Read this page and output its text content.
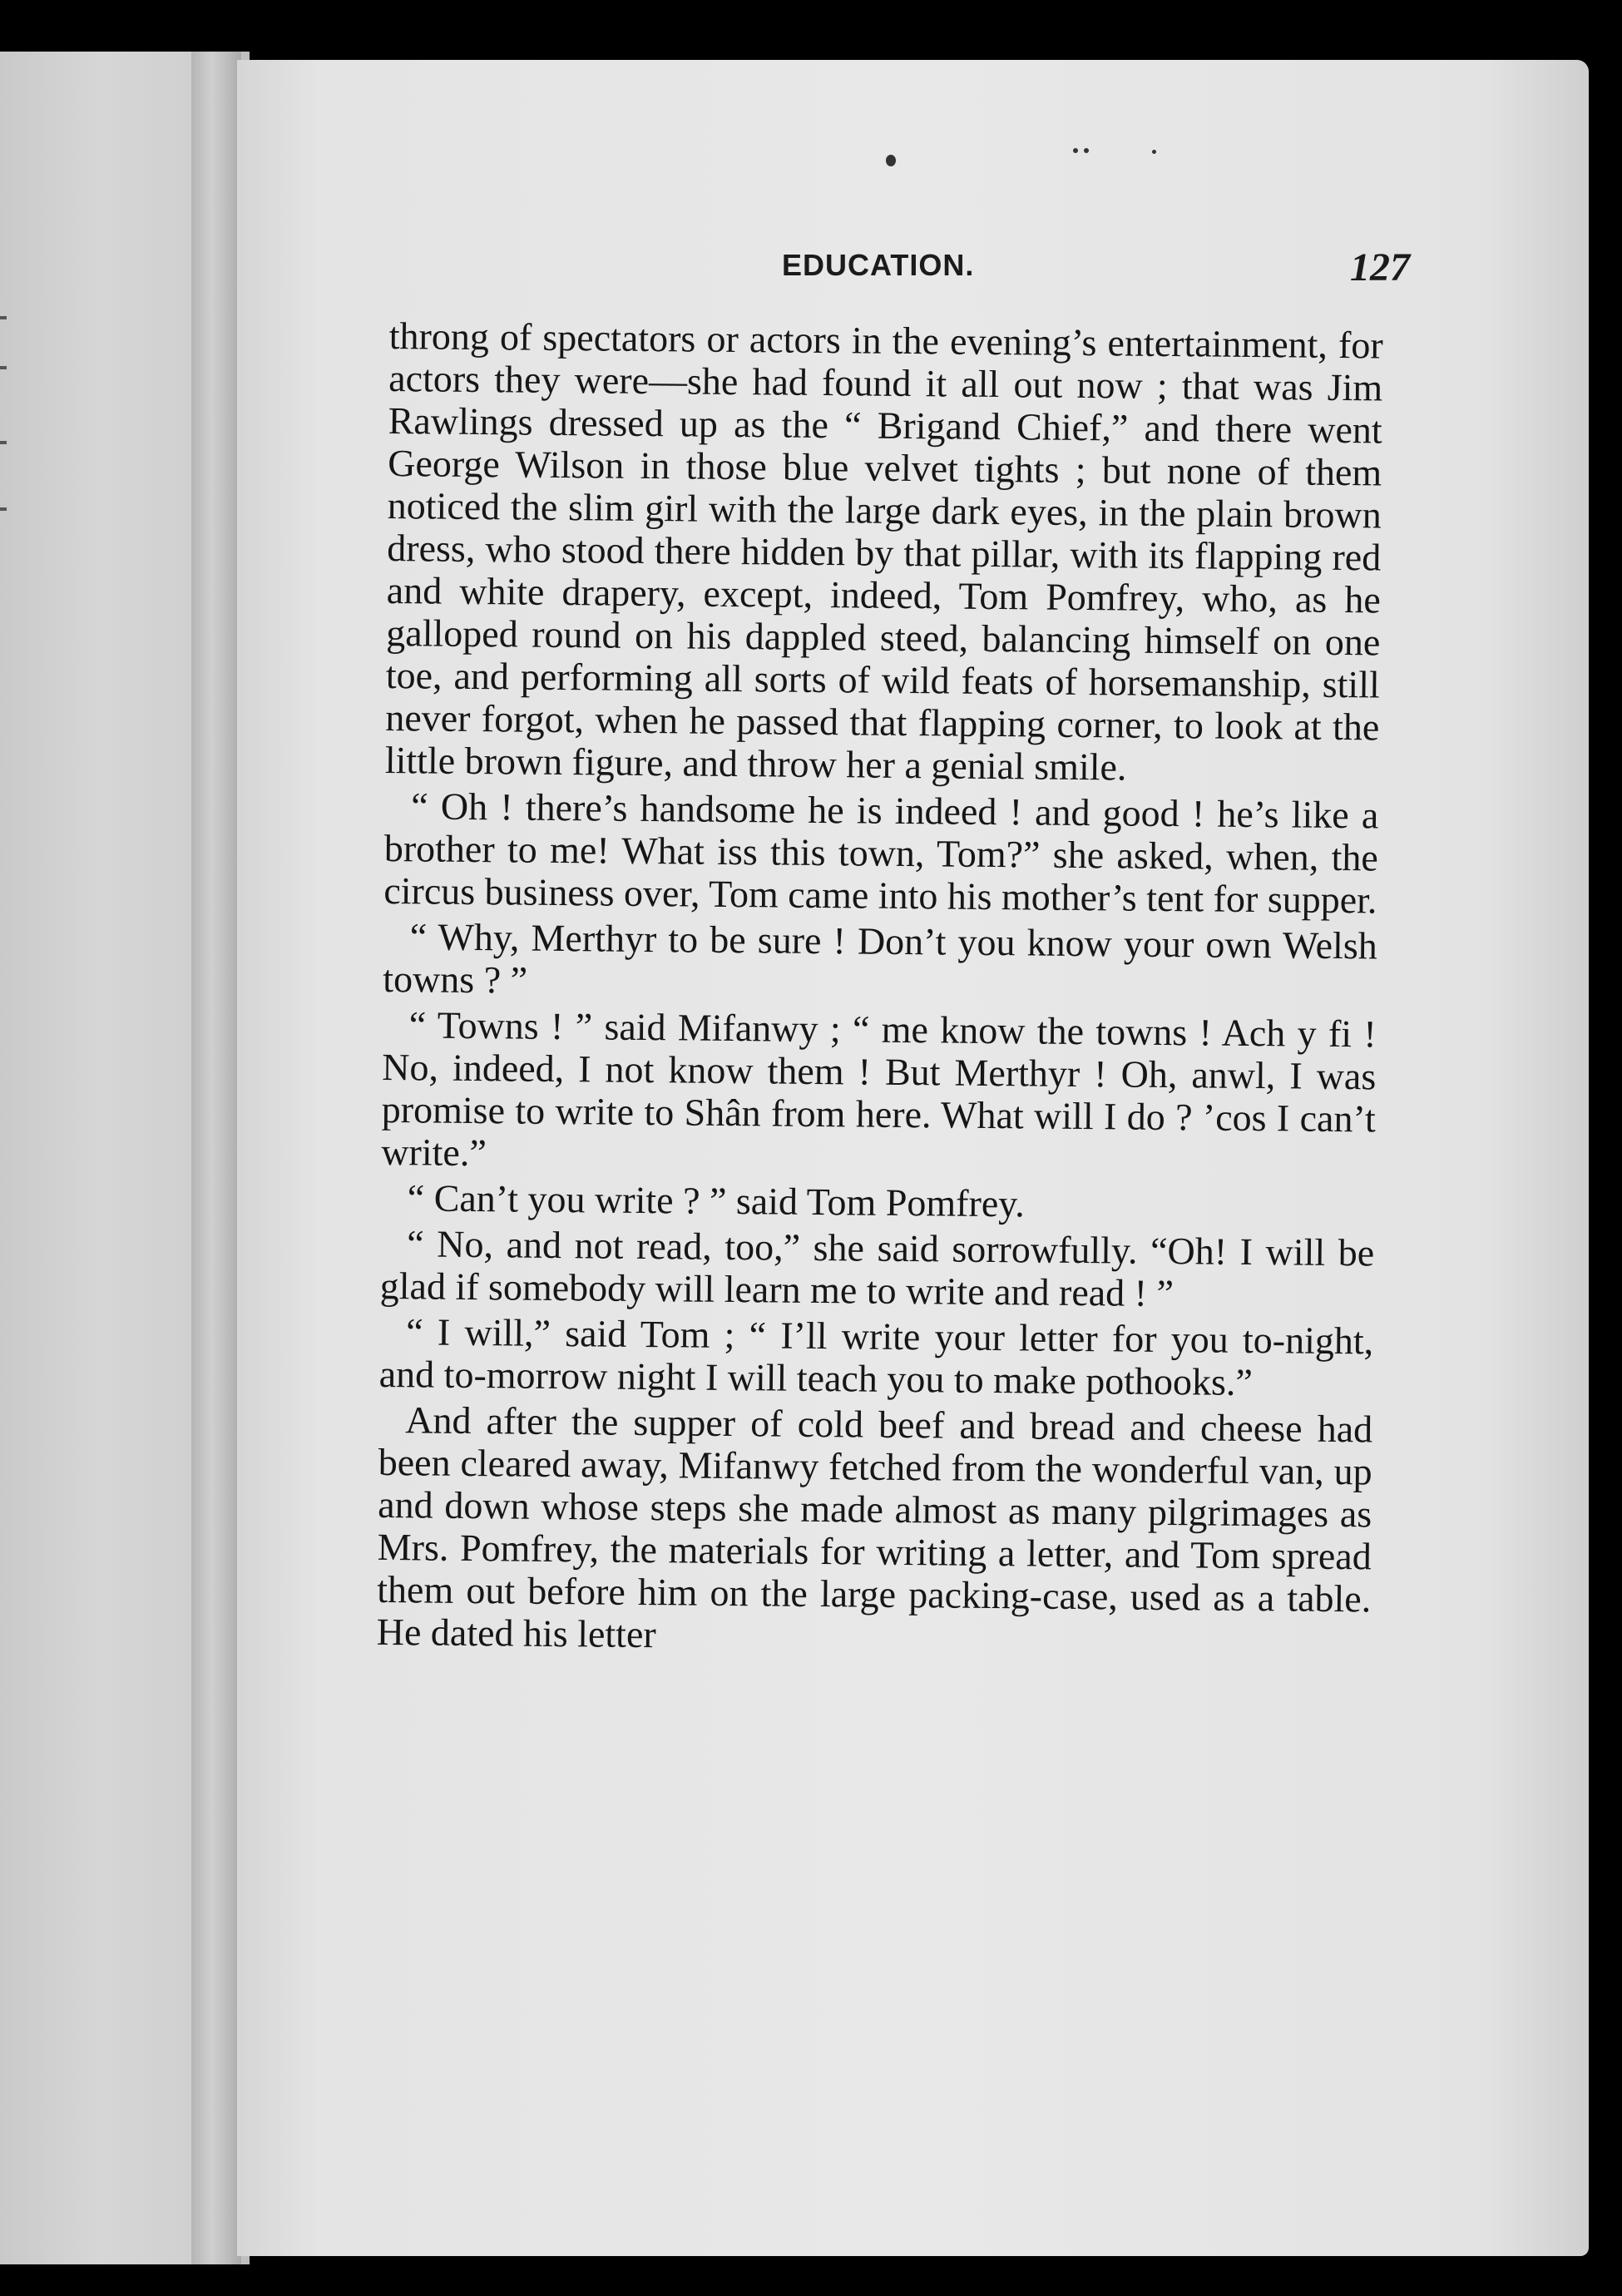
EDUCATION.	127

throng of spectators or actors in the evening’s entertainment, for actors they were—she had found it all out now ; that was Jim Rawlings dressed up as the “ Brigand Chief,” and there went George Wilson in those blue velvet tights ; but none of them noticed the slim girl with the large dark eyes, in the plain brown dress, who stood there hidden by that pillar, with its flapping red and white drapery, except, indeed, Tom Pomfrey, who, as he galloped round on his dappled steed, balancing himself on one toe, and performing all sorts of wild feats of horsemanship, still never forgot, when he passed that flapping corner, to look at the little brown figure, and throw her a genial smile.

“ Oh ! there’s handsome he is indeed ! and good ! he’s like a brother to me! What iss this town, Tom?” she asked, when, the circus business over, Tom came into his mother’s tent for supper.

“ Why, Merthyr to be sure ! Don’t you know your own Welsh towns ? ”

“ Towns ! ” said Mifanwy ; “ me know the towns ! Ach y fi ! No, indeed, I not know them ! But Merthyr ! Oh, anwl, I was promise to write to Shân from here. What will I do ? ’cos I can’t write.”

“ Can’t you write ? ” said Tom Pomfrey.

“ No, and not read, too,” she said sorrowfully. “Oh! I will be glad if somebody will learn me to write and read ! ”

“ I will,” said Tom ; “ I’ll write your letter for you to-night, and to-morrow night I will teach you to make pothooks.”

And after the supper of cold beef and bread and cheese had been cleared away, Mifanwy fetched from the wonderful van, up and down whose steps she made almost as many pilgrimages as Mrs. Pomfrey, the materials for writing a letter, and Tom spread them out before him on the large packing-case, used as a table. He dated his letter
